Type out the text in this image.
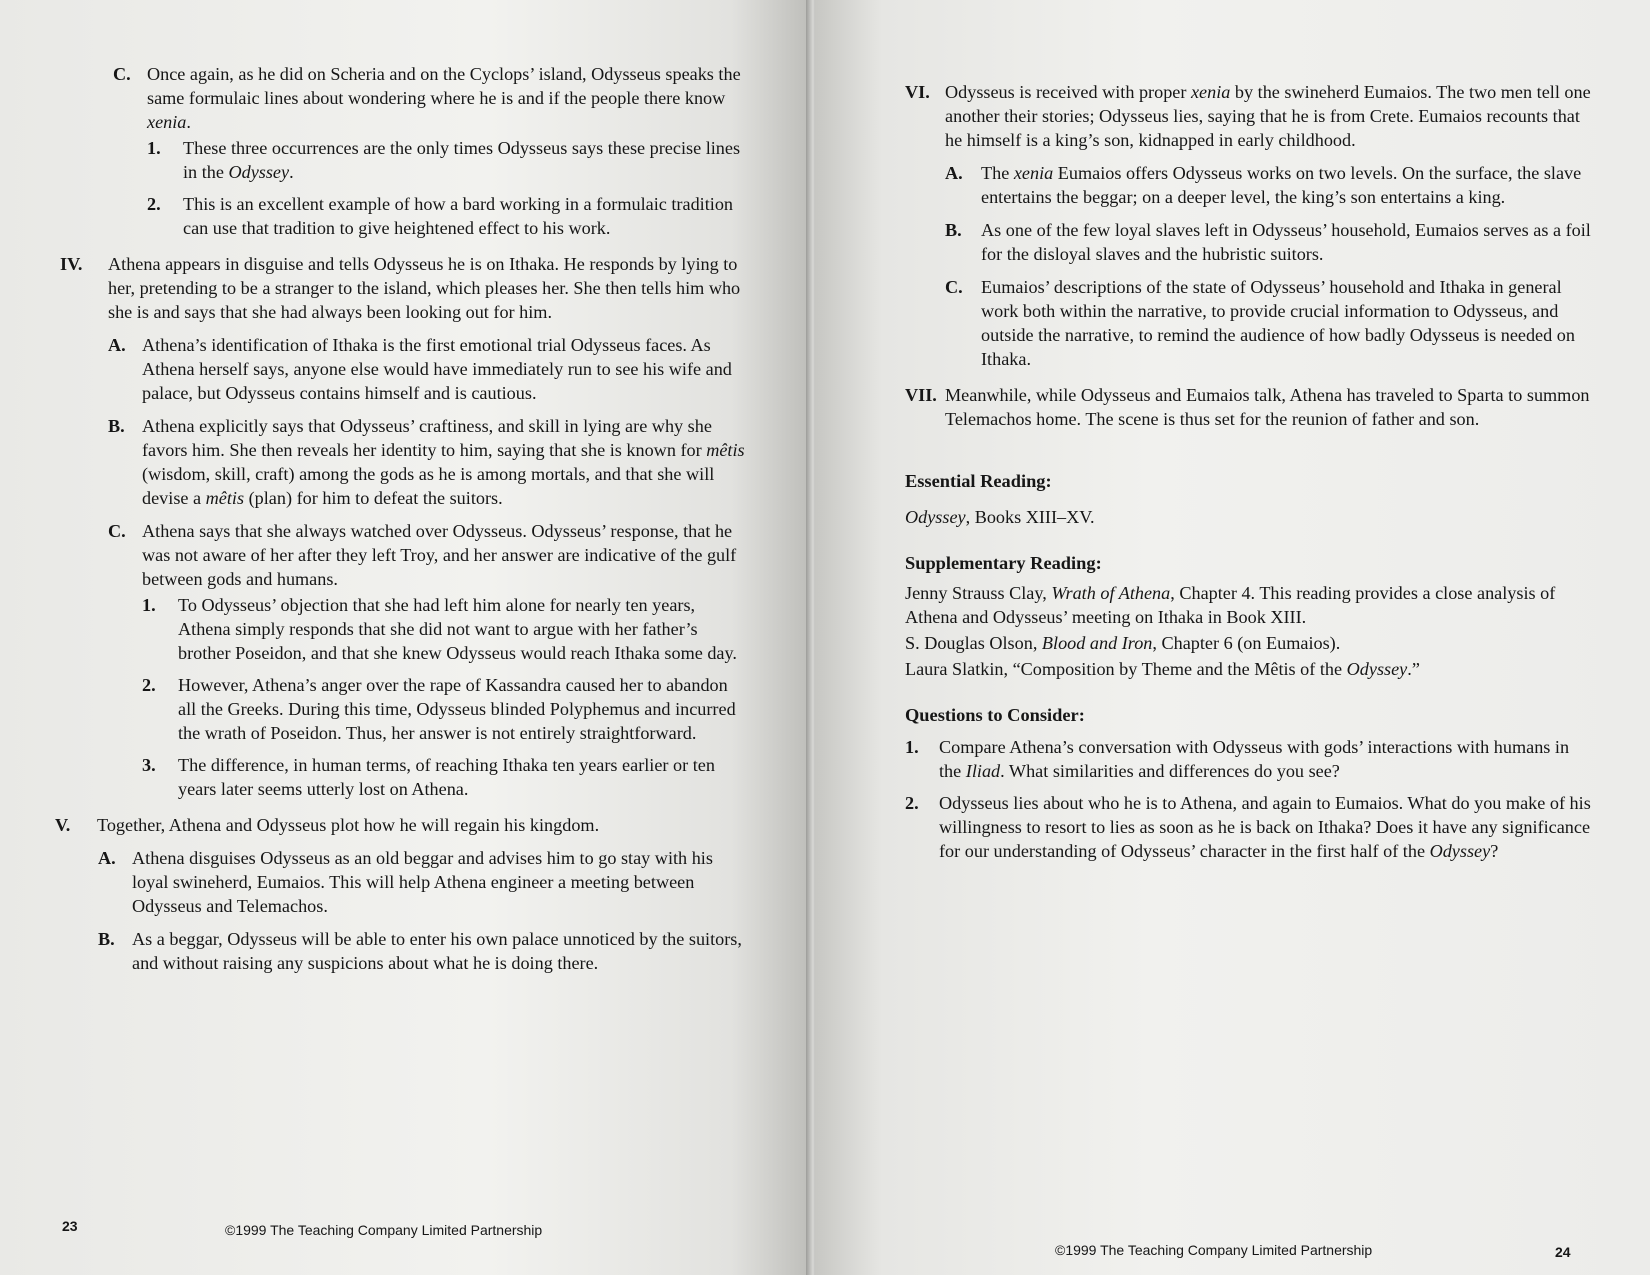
C. Once again, as he did on Scheria and on the Cyclops’ island, Odysseus speaks the same formulaic lines about wondering where he is and if the people there know xenia.
1.	These three occurrences are the only times Odysseus says these precise lines in the Odyssey.
2.	This is an excellent example of how a bard working in a formulaic tradition can use that tradition to give heightened effect to his work.
IV.	Athena appears in disguise and tells Odysseus he is on Ithaka. He responds by lying to her, pretending to be a stranger to the island, which pleases her. She then tells him who she is and says that she had always been looking out for him.
A. Athena’s identification of Ithaka is the first emotional trial Odysseus faces. As Athena herself says, anyone else would have immediately run to see his wife and palace, but Odysseus contains himself and is cautious.
B. Athena explicitly says that Odysseus’ craftiness, and skill in lying are why she favors him. She then reveals her identity to him, saying that she is known for mêtis (wisdom, skill, craft) among the gods as he is among mortals, and that she will devise a mêtis (plan) for him to defeat the suitors.
C. Athena says that she always watched over Odysseus. Odysseus’ response, that he was not aware of her after they left Troy, and her answer are indicative of the gulf between gods and humans.
1.	To Odysseus’ objection that she had left him alone for nearly ten years, Athena simply responds that she did not want to argue with her father’s brother Poseidon, and that she knew Odysseus would reach Ithaka some day.
2.	However, Athena’s anger over the rape of Kassandra caused her to abandon all the Greeks. During this time, Odysseus blinded Polyphemus and incurred the wrath of Poseidon. Thus, her answer is not entirely straightforward.
3.	The difference, in human terms, of reaching Ithaka ten years earlier or ten years later seems utterly lost on Athena.
V.	Together, Athena and Odysseus plot how he will regain his kingdom.
A. Athena disguises Odysseus as an old beggar and advises him to go stay with his loyal swineherd, Eumaios. This will help Athena engineer a meeting between Odysseus and Telemachos.
B. As a beggar, Odysseus will be able to enter his own palace unnoticed by the suitors, and without raising any suspicions about what he is doing there.
23	©1999 The Teaching Company Limited Partnership
VI. Odysseus is received with proper xenia by the swineherd Eumaios. The two men tell one another their stories; Odysseus lies, saying that he is from Crete. Eumaios recounts that he himself is a king’s son, kidnapped in early childhood.
A.	The xenia Eumaios offers Odysseus works on two levels. On the surface, the slave entertains the beggar; on a deeper level, the king’s son entertains a king.
B.	As one of the few loyal slaves left in Odysseus’ household, Eumaios serves as a foil for the disloyal slaves and the hubristic suitors.
C.	Eumaios’ descriptions of the state of Odysseus’ household and Ithaka in general work both within the narrative, to provide crucial information to Odysseus, and outside the narrative, to remind the audience of how badly Odysseus is needed on Ithaka.
VII. Meanwhile, while Odysseus and Eumaios talk, Athena has traveled to Sparta to summon Telemachos home. The scene is thus set for the reunion of father and son.
Essential Reading:
Odyssey, Books XIII–XV.
Supplementary Reading:
Jenny Strauss Clay, Wrath of Athena, Chapter 4. This reading provides a close analysis of Athena and Odysseus’ meeting on Ithaka in Book XIII.
S. Douglas Olson, Blood and Iron, Chapter 6 (on Eumaios).
Laura Slatkin, “Composition by Theme and the Mêtis of the Odyssey.”
Questions to Consider:
1.	Compare Athena’s conversation with Odysseus with gods’ interactions with humans in the Iliad. What similarities and differences do you see?
2.	Odysseus lies about who he is to Athena, and again to Eumaios. What do you make of his willingness to resort to lies as soon as he is back on Ithaka? Does it have any significance for our understanding of Odysseus’ character in the first half of the Odyssey?
©1999 The Teaching Company Limited Partnership	24
